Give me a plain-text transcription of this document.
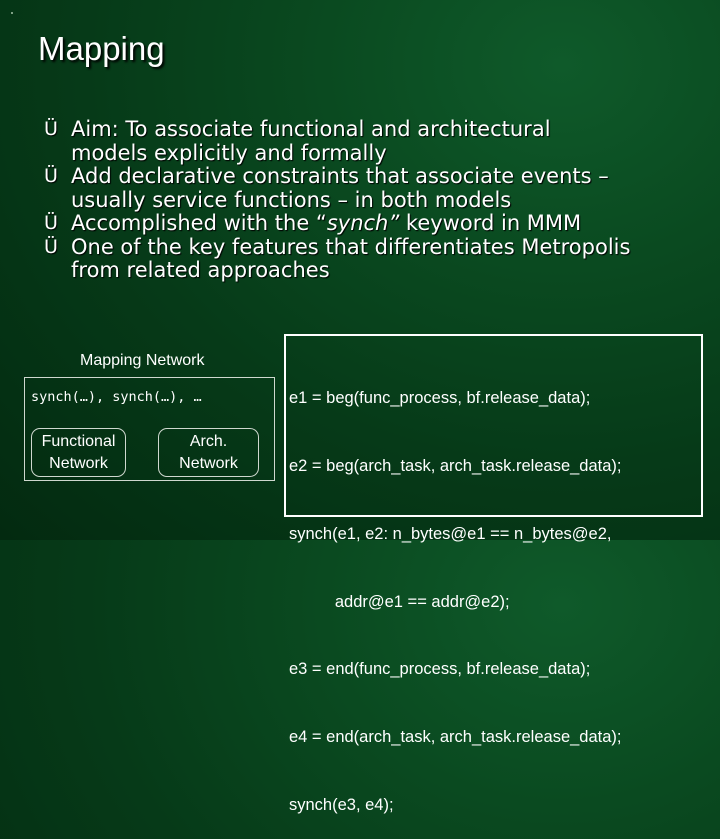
Mapping
Ü Aim: To associate functional and architectural
models explicitly and formally
Ü Add declarative constraints that associate events –
usually service functions – in both models
Ü Accomplished with the “synch” keyword in MMM
Ü One of the key features that differentiates Metropolis
from related approaches
Mapping Network
synch(…), synch(…), …
Functional
Network
Arch.
Network

e1 = beg(func_process, bf.release_data);

e2 = beg(arch_task, arch_task.release_data);

synch(e1, e2: n_bytes@e1 == n_bytes@e2,

addr@e1 == addr@e2);

e3 = end(func_process, bf.release_data);

e4 = end(arch_task, arch_task.release_data);

synch(e3, e4);
